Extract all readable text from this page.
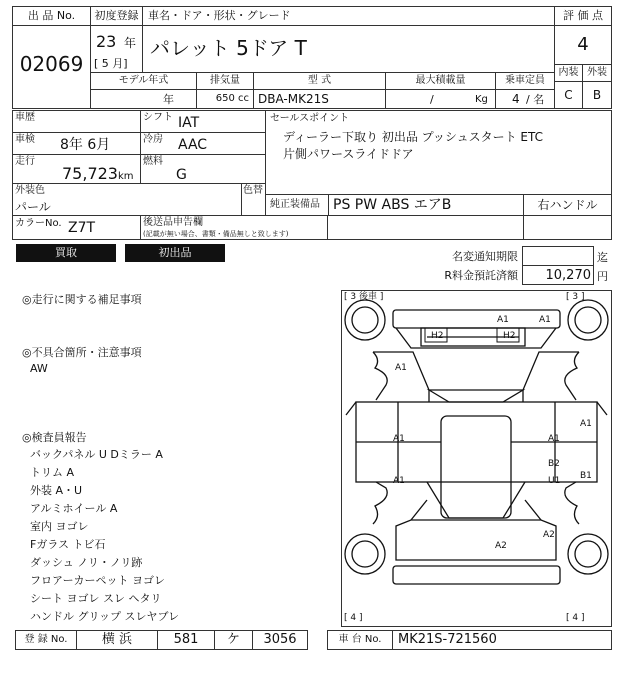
出 品 No.
02069
初度登録
23 年
[ 5 月]
車名・ドア・形状・グレード
パレット 5ドア T
評 価 点
4
内装 外装
C	B
モデル年式
年
排気量
650 cc
型 式
DBA-MK21S
最大積載量
/	Kg
乗車定員
4 / 名
車歴	シフト IAT
車検 8年 6月	冷房 AAC
走行
75,723 km
燃料
G
外装色
パール
色替
カラーNo. Z7T	後送品申告欄
(記載が無い場合、書類・備品無しと致します)
セールスポイント
ディーラー下取り 初出品 プッシュスタート ETC
片側パワースライドドア
純正装備品 PS PW ABS エアB	右ハンドル
買取	初出品	名変通知期限	迄
R料金預託済額	10,270 円
◎走行に関する補足事項
◎不具合箇所・注意事項
AW
◎検査員報告
バックパネル U Dミラー A
トリム A
外装 A・U
アルミホイール A
室内 ヨゴレ
Fガラス トビ石
ダッシュ ノリ・ノリ跡
フロアーカーペット ヨゴレ
シート ヨゴレ スレ ヘタリ
ハンドル グリップ スレヤブレ
[ 3 後車 ]	[ 3 ]
[ 4 ]	[ 4 ]
A1	A1
H2	H2
A1
A1	A1
A1
B2
U1
A1	B1
A2
A2
登 録 No.	横 浜	581	ケ	3056	車 台 No.	MK21S-721560
